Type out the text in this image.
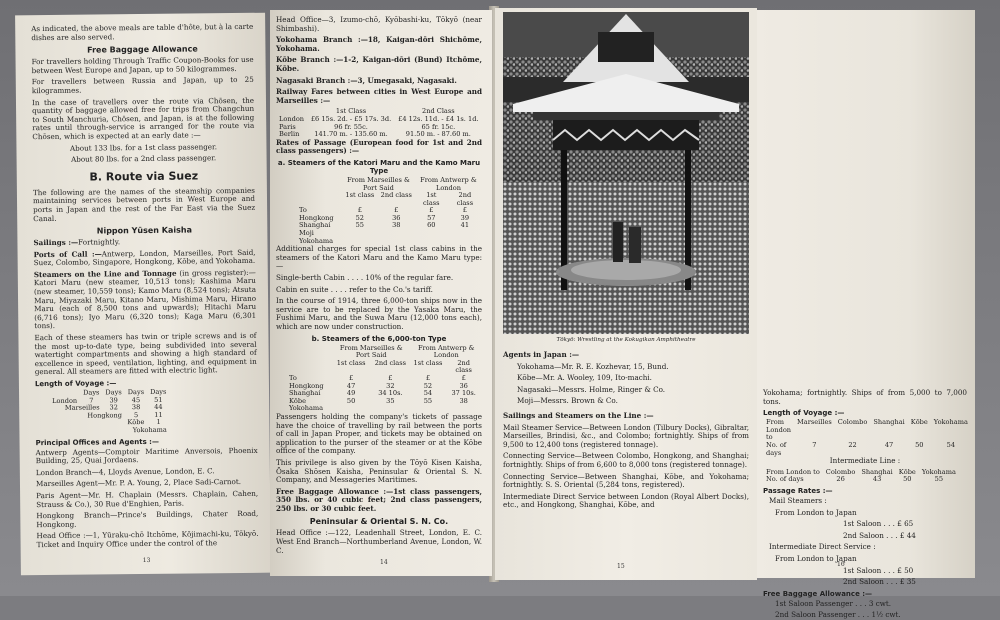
As indicated, the above meals are table d'hôte, but à la carte dishes are also served.

Free Baggage Allowance

For travellers holding Through Traffic Coupon-Books for use between West Europe and Japan, up to 50 kilogrammes.

For travellers between Russia and Japan, up to 25 kilogrammes.

In the case of travellers over the route via Chōsen, the quantity of baggage allowed free for trips from Changchun to South Manchuria, Chōsen, and Japan, is at the following rates until through-service is arranged for the route via Chōsen, which is expected at an early date :—

About 133 lbs. for a 1st class passenger.

About 80 lbs. for a 2nd class passenger.

B. Route via Suez

The following are the names of the steamship companies maintaining services between ports in West Europe and ports in Japan and the rest of the Far East via the Suez Canal.

Nippon Yūsen Kaisha

Sailings :—Fortnightly.

Ports of Call :—Antwerp, London, Marseilles, Port Said, Suez, Colombo, Singapore, Hongkong, Kōbe, and Yokohama.

Steamers on the Line and Tonnage (in gross register):— Katori Maru (new steamer, 10,513 tons); Kashima Maru (new steamer, 10,559 tons); Kamo Maru (8,524 tons); Atsuta Maru, Miyazaki Maru, Kitano Maru, Mishima Maru, Hirano Maru (each of 8,500 tons and upwards); Hitachi Maru (6,716 tons); Iyo Maru (6,320 tons); Kaga Maru (6,301 tons).

Each of these steamers has twin or triple screws and is of the most up-to-date type, being subdivided into several watertight compartments and showing a high standard of excellence in speed, ventilation, lighting, and equipment in general. All steamers are fitted with electric light.

Length of Voyage :—
	Days	Days	Days	Days
London	7	39	45	51
Marseilles		32	38	44
Hongkong			5	11
Kōbe				1
Yokohama				
Principal Offices and Agents :—

Antwerp Agents—Comptoir Maritime Anversois, Phoenix Building, 25, Quai Jordaens.

London Branch—4, Lloyds Avenue, London, E. C.

Marseilles Agent—Mr. P. A. Young, 2, Place Sadi-Carnot.

Paris Agent—Mr. H. Chaplain (Messrs. Chaplain, Cahen, Strauss & Co.), 30 Rue d'Enghien, Paris.

Hongkong Branch—Prince's Buildings, Chater Road, Hongkong.

Head Office :—1, Yūraku-chō Itchōme, Kōjimachi-ku, Tōkyō. Ticket and Inquiry Office under the control of the

13

Head Office—3, Izumo-chō, Kyōbashi-ku, Tōkyō (near Shimbashi).

Yokohama Branch :—18, Kaigan-dōri Shichōme, Yokohama.

Kōbe Branch :—1-2, Kaigan-dōri (Bund) Itchōme, Kōbe.

Nagasaki Branch :—3, Umegasaki, Nagasaki.

Railway Fares between cities in West Europe and Marseilles :—

	1st Class	2nd Class
London	£6 15s. 2d. - £5 17s. 3d.	£4 12s. 11d. - £4 1s. 1d.
Paris	96 fr. 55c.	65 fr. 15c.
Berlin	141.70 m. - 135.60 m.	91.50 m. - 87.60 m.

Rates of Passage (European food for 1st and 2nd class passengers) :—

a. Steamers of the Katori Maru and the Kamo Maru Type
	From Marseilles & Port Said		From Antwerp & London	
	1st class	2nd class	1st class	2nd class
To	£	£	£	£
Hongkong	52	36	57	39
Shanghai Moji Yokohama	55	38	60	41

Additional charges for special 1st class cabins in the steamers of the Katori Maru and the Kamo Maru type:—

Single-berth Cabin . . . . 10% of the regular fare.

Cabin en suite . . . . refer to the Co.'s tariff.

In the course of 1914, three 6,000-ton ships now in the service are to be replaced by the Yasaka Maru, the Fushimi Maru, and the Suwa Maru (12,000 tons each), which are now under construction.

b. Steamers of the 6,000-ton Type
	From Marseilles & Port Said		From Antwerp & London	
	1st class	2nd class	1st class	2nd class
To	£	£	£	£
Hongkong	47	32	52	36
Shanghai	49	34 10s.	54	37 10s.
Kōbe Yokohama	50	35	55	38

Passengers holding the company's tickets of passage have the choice of travelling by rail between the ports of call in Japan Proper, and tickets may be obtained on application to the purser of the steamer or at the Kōbe office of the company.

This privilege is also given by the Tōyō Kisen Kaisha, Ōsaka Shōsen Kaisha, Peninsular & Oriental S. N. Company, and Messageries Maritimes.

Free Baggage Allowance :—1st class passengers, 350 lbs. or 40 cubic feet; 2nd class passengers, 250 lbs. or 30 cubic feet.

Peninsular & Oriental S. N. Co.

Head Office :—122, Leadenhall Street, London, E. C. West End Branch—Northumberland Avenue, London, W. C.

14
Tōkyō: Wrestling at the Kokugikan Amphitheatre

Agents in Japan :—

Yokohama—Mr. R. E. Kozhevar, 15, Bund.

Kōbe—Mr. A. Wooley, 109, Ito-machi.

Nagasaki—Messrs. Holme, Ringer & Co.

Moji—Messrs. Brown & Co.

Sailings and Steamers on the Line :—

Mail Steamer Service—Between London (Tilbury Docks), Gibraltar, Marseilles, Brindisi, &c., and Colombo; fortnightly. Ships of from 9,500 to 12,400 tons (registered tonnage).

Connecting Service—Between Colombo, Hongkong, and Shanghai; fortnightly. Ships of from 6,600 to 8,000 tons (registered tonnage).

Connecting Service—Between Shanghai, Kōbe, and Yokohama; fortnightly. S. S. Oriental (5,284 tons, registered).

Intermediate Direct Service between London (Royal Albert Docks), etc., and Hongkong, Shanghai, Kōbe, and

15

Yokohama; fortnightly. Ships of from 5,000 to 7,000 tons.

Length of Voyage :—
From London to	Marseilles	Colombo	Shanghai	Kōbe	Yokohama
No. of days	7	22	47	50	54

Intermediate Line :

From London to	Colombo	Shanghai	Kōbe	Yokohama
No. of days	26	43	50	55
Passage Rates :—

Mail Steamers :

From London to Japan

1st Saloon . . . £ 65

2nd Saloon . . . £ 44

Intermediate Direct Service :

From London to Japan

1st Saloon . . . £ 50

2nd Saloon . . . £ 35

Free Baggage Allowance :—

1st Saloon Passenger . . . 3 cwt.

2nd Saloon Passenger . . . 1½ cwt.

16
